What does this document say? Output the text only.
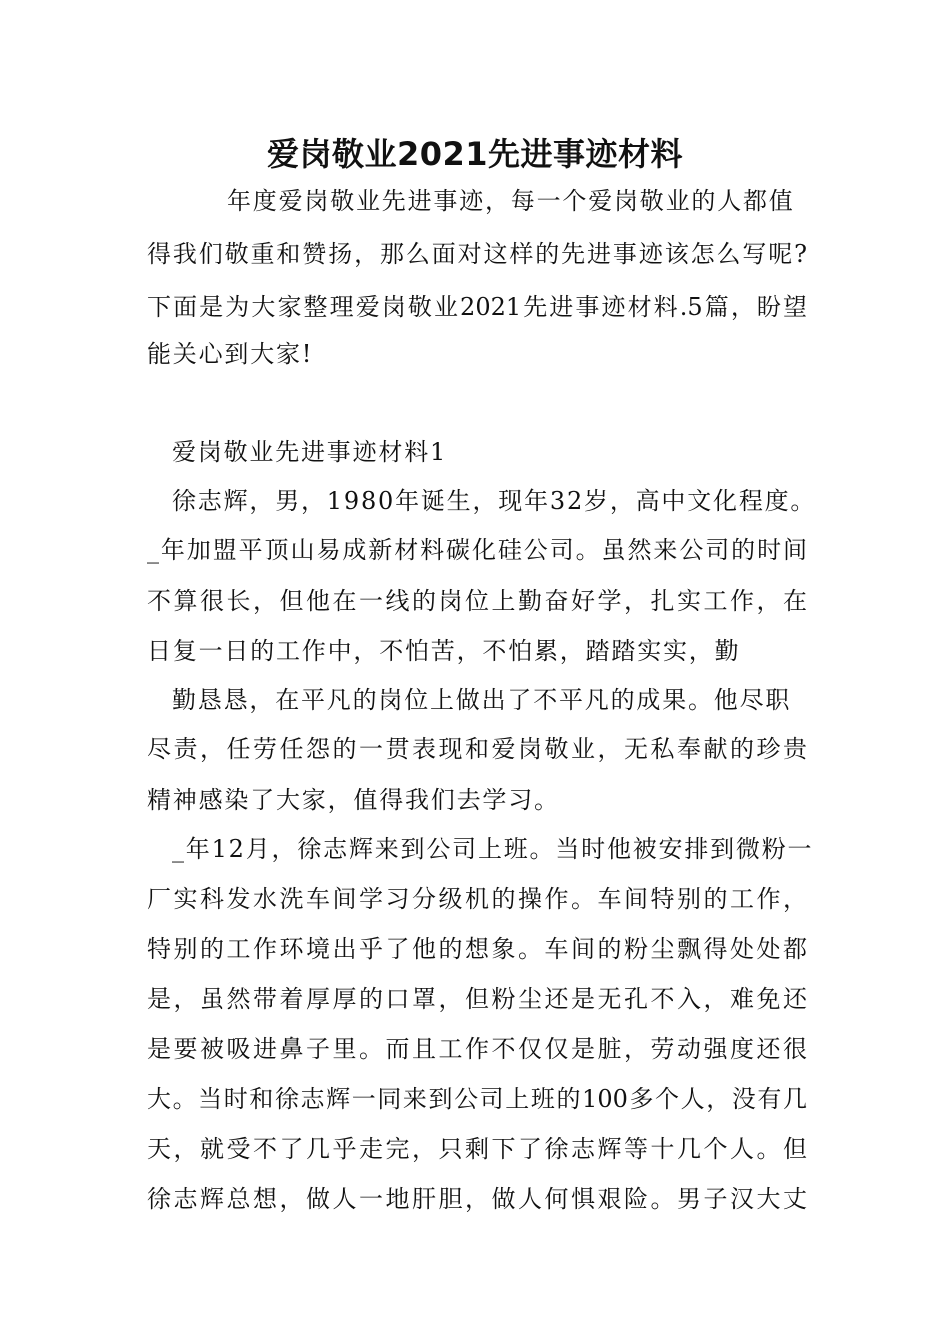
爱岗敬业2021先进事迹材料

年度爱岗敬业先进事迹，每一个爱岗敬业的人都值

得我们敬重和赞扬，那么面对这样的先进事迹该怎么写呢?

下面是为大家整理爱岗敬业2021先进事迹材料.5篇，盼望

能关心到大家!

爱岗敬业先进事迹材料1

徐志辉，男，1980年诞生，现年32岁，高中文化程度。

_年加盟平顶山易成新材料碳化硅公司。虽然来公司的时间

不算很长，但他在一线的岗位上勤奋好学，扎实工作，在

日复一日的工作中，不怕苦，不怕累，踏踏实实，勤

勤恳恳，在平凡的岗位上做出了不平凡的成果。他尽职

尽责，任劳任怨的一贯表现和爱岗敬业，无私奉献的珍贵

精神感染了大家，值得我们去学习。

_年12月，徐志辉来到公司上班。当时他被安排到微粉一

厂实科发水洗车间学习分级机的操作。车间特别的工作，

特别的工作环境出乎了他的想象。车间的粉尘飘得处处都

是，虽然带着厚厚的口罩，但粉尘还是无孔不入，难免还

是要被吸进鼻子里。而且工作不仅仅是脏，劳动强度还很

大。当时和徐志辉一同来到公司上班的100多个人，没有几

天，就受不了几乎走完，只剩下了徐志辉等十几个人。但

徐志辉总想，做人一地肝胆，做人何惧艰险。男子汉大丈
